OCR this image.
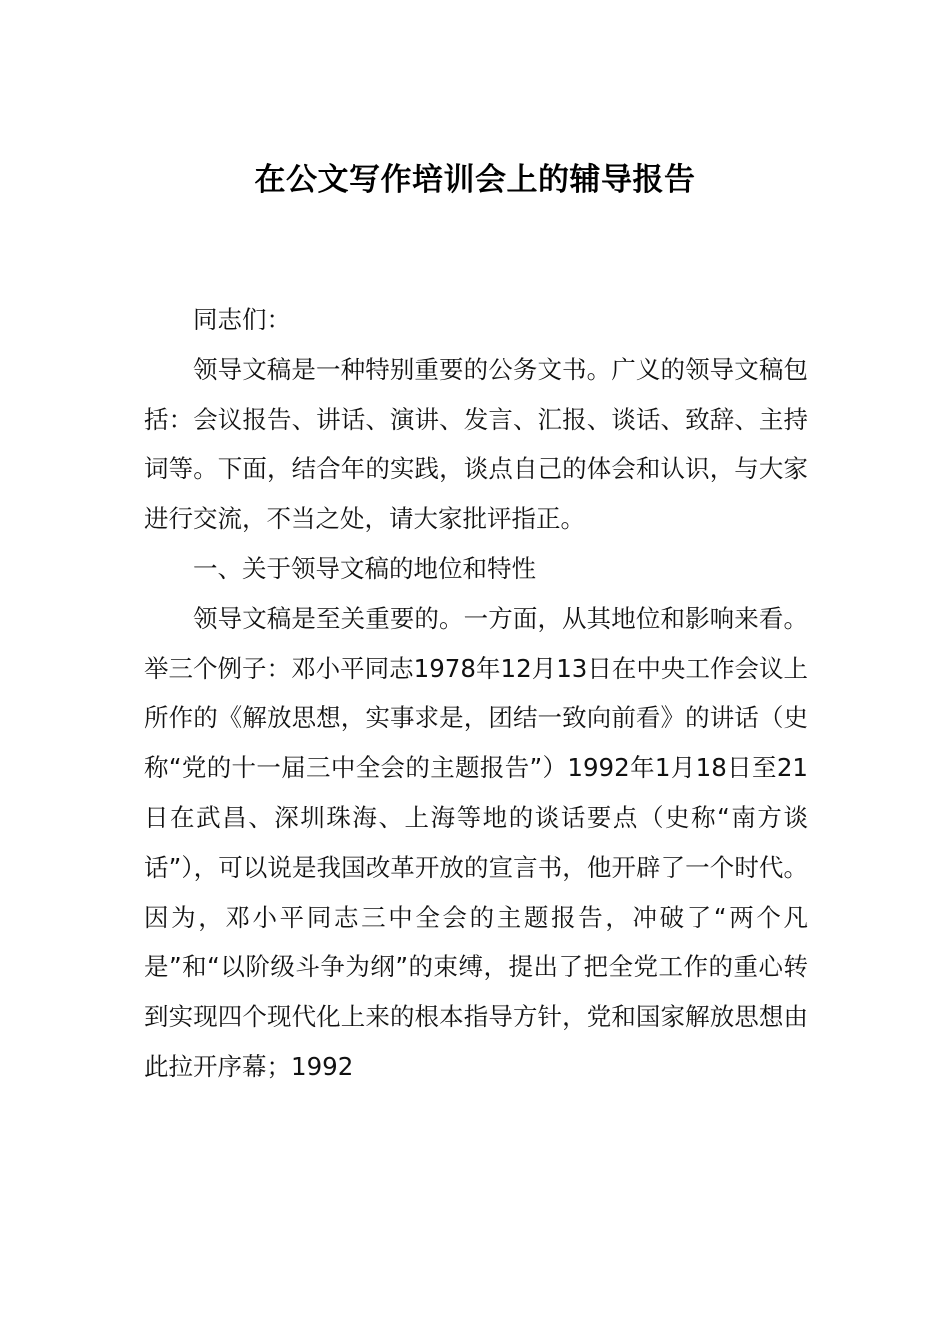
在公文写作培训会上的辅导报告

同志们：

领导文稿是一种特别重要的公务文书。广义的领导文稿包括：会议报告、讲话、演讲、发言、汇报、谈话、致辞、主持词等。下面，结合年的实践，谈点自己的体会和认识，与大家进行交流，不当之处，请大家批评指正。

一、关于领导文稿的地位和特性

领导文稿是至关重要的。一方面，从其地位和影响来看。举三个例子：邓小平同志1978年12月13日在中央工作会议上所作的《解放思想，实事求是，团结一致向前看》的讲话（史称“党的十一届三中全会的主题报告”）1992年1月18日至21日在武昌、深圳珠海、上海等地的谈话要点（史称“南方谈话”），可以说是我国改革开放的宣言书，他开辟了一个时代。因为，邓小平同志三中全会的主题报告，冲破了“两个凡是”和“以阶级斗争为纲”的束缚，提出了把全党工作的重心转到实现四个现代化上来的根本指导方针，党和国家解放思想由此拉开序幕；1992
